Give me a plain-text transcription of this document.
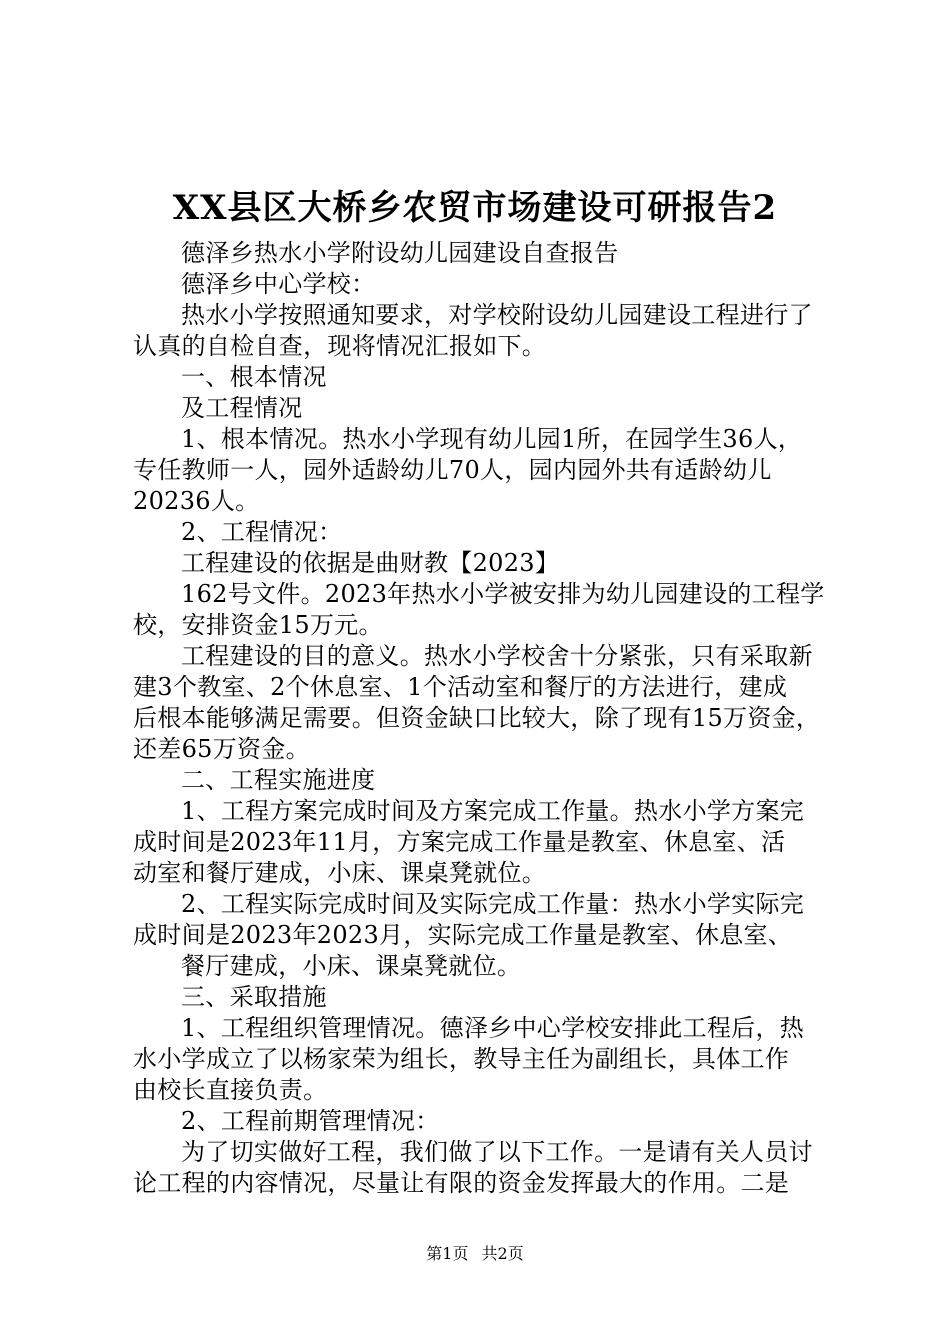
XX县区大桥乡农贸市场建设可研报告2

德泽乡热水小学附设幼儿园建设自查报告

德泽乡中心学校：

热水小学按照通知要求，对学校附设幼儿园建设工程进行了

认真的自检自查，现将情况汇报如下。

一、根本情况

及工程情况

1、根本情况。热水小学现有幼儿园1所，在园学生36人，

专任教师一人，园外适龄幼儿70人，园内园外共有适龄幼儿

20236人。

2、工程情况：

工程建设的依据是曲财教【2023】

162号文件。2023年热水小学被安排为幼儿园建设的工程学

校，安排资金15万元。

工程建设的目的意义。热水小学校舍十分紧张，只有采取新

建3个教室、2个休息室、1个活动室和餐厅的方法进行，建成

后根本能够满足需要。但资金缺口比较大，除了现有15万资金，

还差65万资金。

二、工程实施进度

1、工程方案完成时间及方案完成工作量。热水小学方案完

成时间是2023年11月，方案完成工作量是教室、休息室、活

动室和餐厅建成，小床、课桌凳就位。

2、工程实际完成时间及实际完成工作量：热水小学实际完

成时间是2023年2023月，实际完成工作量是教室、休息室、

餐厅建成，小床、课桌凳就位。

三、采取措施

1、工程组织管理情况。德泽乡中心学校安排此工程后，热

水小学成立了以杨家荣为组长，教导主任为副组长，具体工作

由校长直接负责。

2、工程前期管理情况：

为了切实做好工程，我们做了以下工作。一是请有关人员讨

论工程的内容情况，尽量让有限的资金发挥最大的作用。二是

第1页 共2页
